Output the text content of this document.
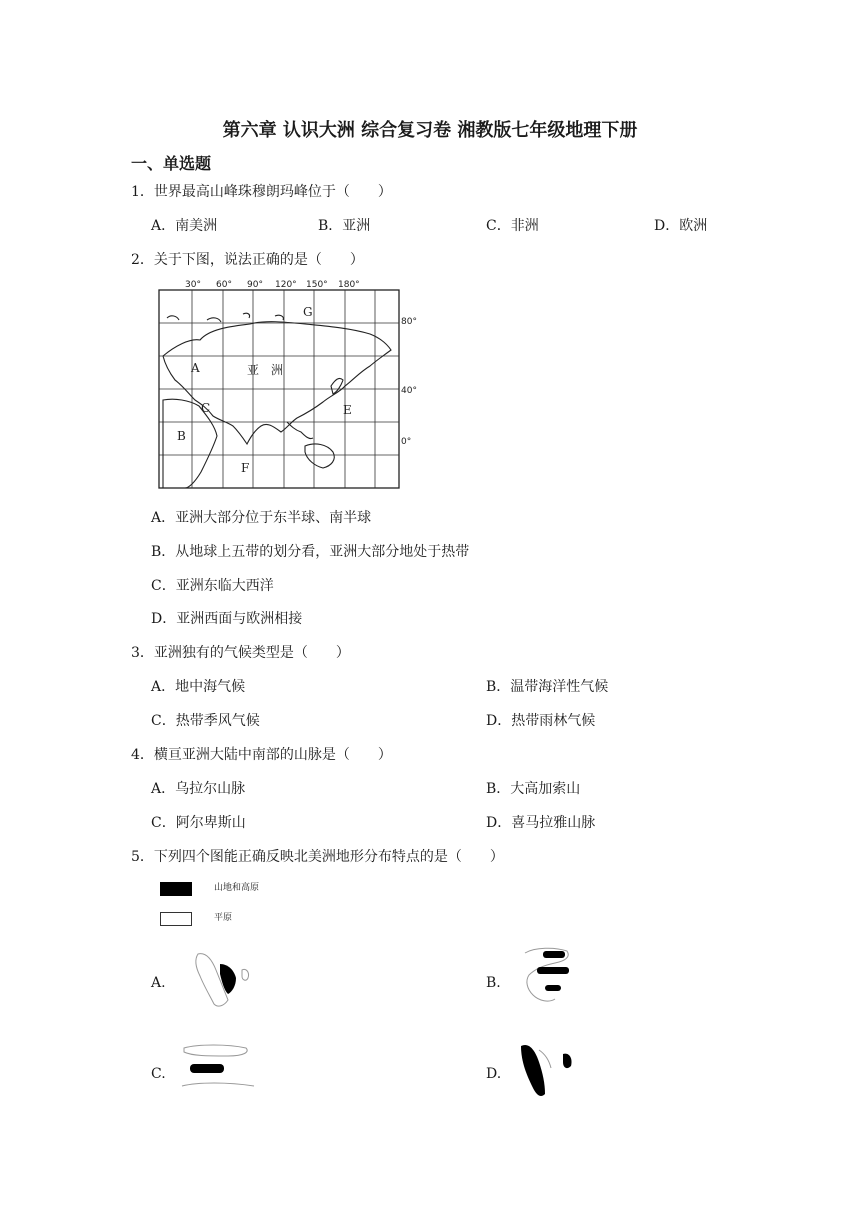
第六章 认识大洲 综合复习卷 湘教版七年级地理下册
一、单选题
1．世界最高山峰珠穆朗玛峰位于（　　）
A．南美洲	B．亚洲	C．非洲	D．欧洲
2．关于下图，说法正确的是（　　）
30° 60° 90° 120° 150° 180°
80°
40°
0°
A
B
C	E
F
G
亚　洲
A．亚洲大部分位于东半球、南半球
B．从地球上五带的划分看，亚洲大部分地处于热带
C．亚洲东临大西洋
D．亚洲西面与欧洲相接
3．亚洲独有的气候类型是（　　）
A．地中海气候	B．温带海洋性气候
C．热带季风气候	D．热带雨林气候
4．横亘亚洲大陆中南部的山脉是（　　）
A．乌拉尔山脉	B．大高加索山
C．阿尔卑斯山	D．喜马拉雅山脉
5．下列四个图能正确反映北美洲地形分布特点的是（　　）
山地和高原
平原
A.	B.
C.	D.
